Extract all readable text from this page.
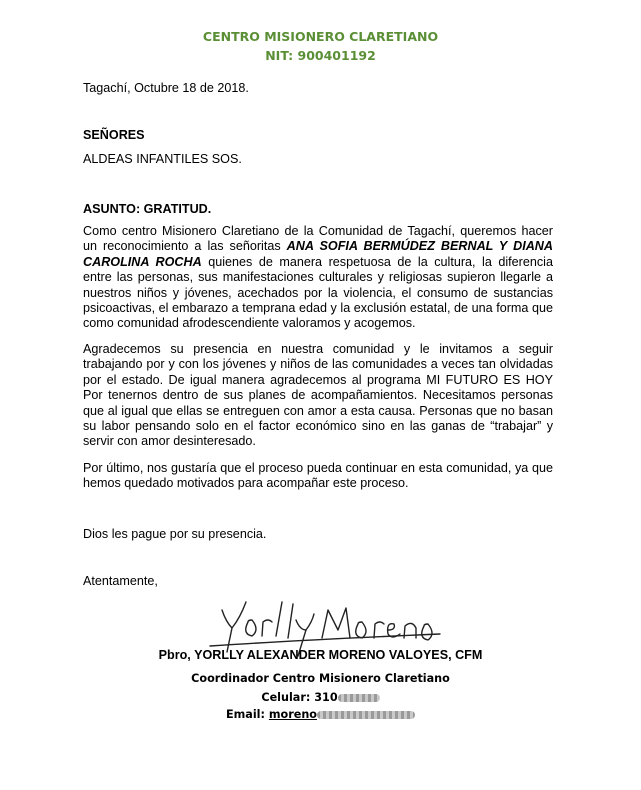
CENTRO MISIONERO CLARETIANO
NIT: 900401192
Tagachí, Octubre 18 de 2018.
SEÑORES
ALDEAS INFANTILES SOS.
ASUNTO: GRATITUD.
Como centro Misionero Claretiano de la Comunidad de Tagachí, queremos hacer un reconocimiento a las señoritas ANA SOFIA BERMÚDEZ BERNAL Y DIANA CAROLINA ROCHA quienes de manera respetuosa de la cultura, la diferencia entre las personas, sus manifestaciones culturales y religiosas supieron llegarle a nuestros niños y jóvenes, acechados por la violencia, el consumo de sustancias psicoactivas, el embarazo a temprana edad y la exclusión estatal, de una forma que como comunidad afrodescendiente valoramos y acogemos.
Agradecemos su presencia en nuestra comunidad y le invitamos a seguir trabajando por y con los jóvenes y niños de las comunidades a veces tan olvidadas por el estado. De igual manera agradecemos al programa MI FUTURO ES HOY Por tenernos dentro de sus planes de acompañamientos. Necesitamos personas que al igual que ellas se entreguen con amor a esta causa. Personas que no basan su labor pensando solo en el factor económico sino en las ganas de “trabajar” y servir con amor desinteresado.
Por último, nos gustaría que el proceso pueda continuar en esta comunidad, ya que hemos quedado motivados para acompañar este proceso.
Dios les pague por su presencia.
Atentamente,
Pbro, YORLLY ALEXANDER MORENO VALOYES, CFM
Coordinador Centro Misionero Claretiano
Celular: 310
Email: moreno
